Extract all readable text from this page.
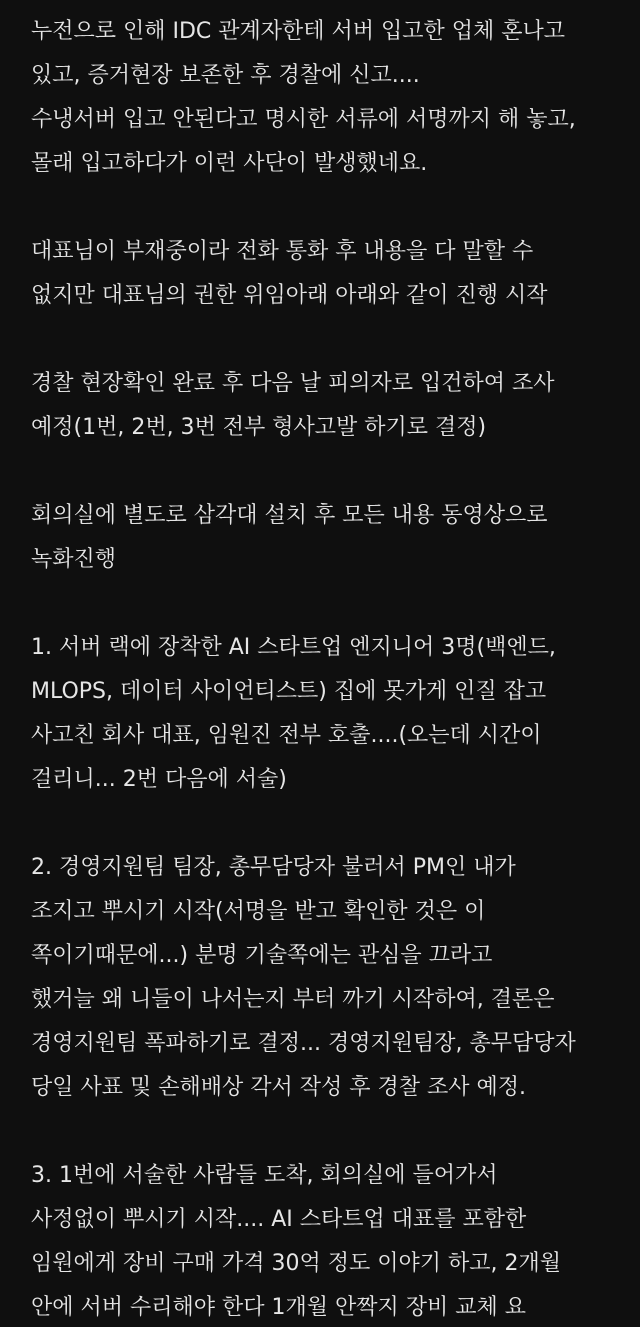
누전으로 인해 IDC 관계자한테 서버 입고한 업체 혼나고
있고, 증거현장 보존한 후 경찰에 신고....
수냉서버 입고 안된다고 명시한 서류에 서명까지 해 놓고,
몰래 입고하다가 이런 사단이 발생했네요.
대표님이 부재중이라 전화 통화 후 내용을 다 말할 수
없지만 대표님의 권한 위임아래 아래와 같이 진행 시작
경찰 현장확인 완료 후 다음 날 피의자로 입건하여 조사
예정(1번, 2번, 3번 전부 형사고발 하기로 결정)
회의실에 별도로 삼각대 설치 후 모든 내용 동영상으로
녹화진행
1. 서버 랙에 장착한 AI 스타트업 엔지니어 3명(백엔드,
MLOPS, 데이터 사이언티스트) 집에 못가게 인질 잡고
사고친 회사 대표, 임원진 전부 호출....(오는데 시간이
걸리니... 2번 다음에 서술)
2. 경영지원팀 팀장, 총무담당자 불러서 PM인 내가
조지고 뿌시기 시작(서명을 받고 확인한 것은 이
쪽이기때문에...) 분명 기술쪽에는 관심을 끄라고
했거늘 왜 니들이 나서는지 부터 까기 시작하여, 결론은
경영지원팀 폭파하기로 결정... 경영지원팀장, 총무담당자
당일 사표 및 손해배상 각서 작성 후 경찰 조사 예정.
3. 1번에 서술한 사람들 도착, 회의실에 들어가서
사정없이 뿌시기 시작.... AI 스타트업 대표를 포함한
임원에게 장비 구매 가격 30억 정도 이야기 하고, 2개월
안에 서버 수리해야 한다 1개월 안짝지 장비 교체 요
